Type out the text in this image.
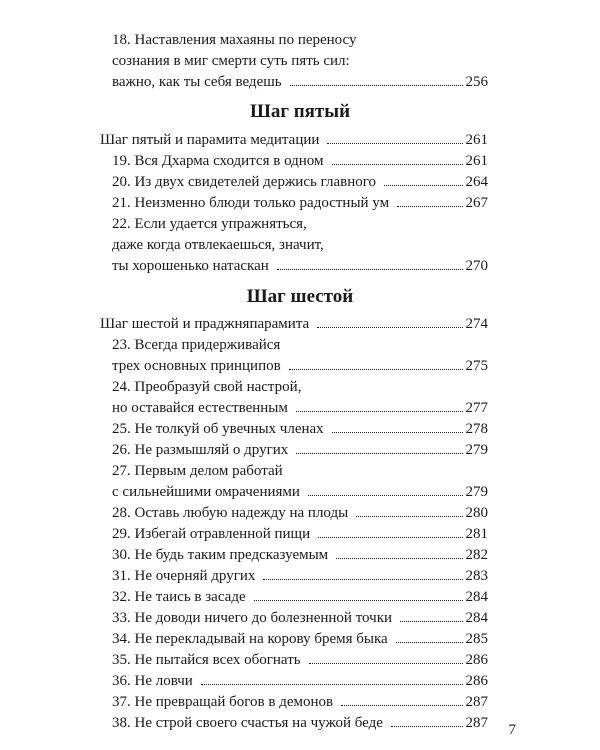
18. Наставления махаяны по переносу
сознания в миг смерти суть пять сил:
важно, как ты себя ведешь	256
Шаг пятый
Шаг пятый и парамита медитации	261
19. Вся Дхарма сходится в одном	261
20. Из двух свидетелей держись главного	264
21. Неизменно блюди только радостный ум	267
22. Если удается упражняться,
даже когда отвлекаешься, значит,
ты хорошенько натаскан	270
Шаг шестой
Шаг шестой и праджняпарамита	274
23. Всегда придерживайся
трех основных принципов	275
24. Преобразуй свой настрой,
но оставайся естественным	277
25. Не толкуй об увечных членах	278
26. Не размышляй о других	279
27. Первым делом работай
с сильнейшими омрачениями	279
28. Оставь любую надежду на плоды	280
29. Избегай отравленной пищи	281
30. Не будь таким предсказуемым	282
31. Не очерняй других	283
32. Не таись в засаде	284
33. Не доводи ничего до болезненной точки	284
34. Не перекладывай на корову бремя быка	285
35. Не пытайся всех обогнать	286
36. Не ловчи	286
37. Не превращай богов в демонов	287
38. Не строй своего счастья на чужой беде	287 7
